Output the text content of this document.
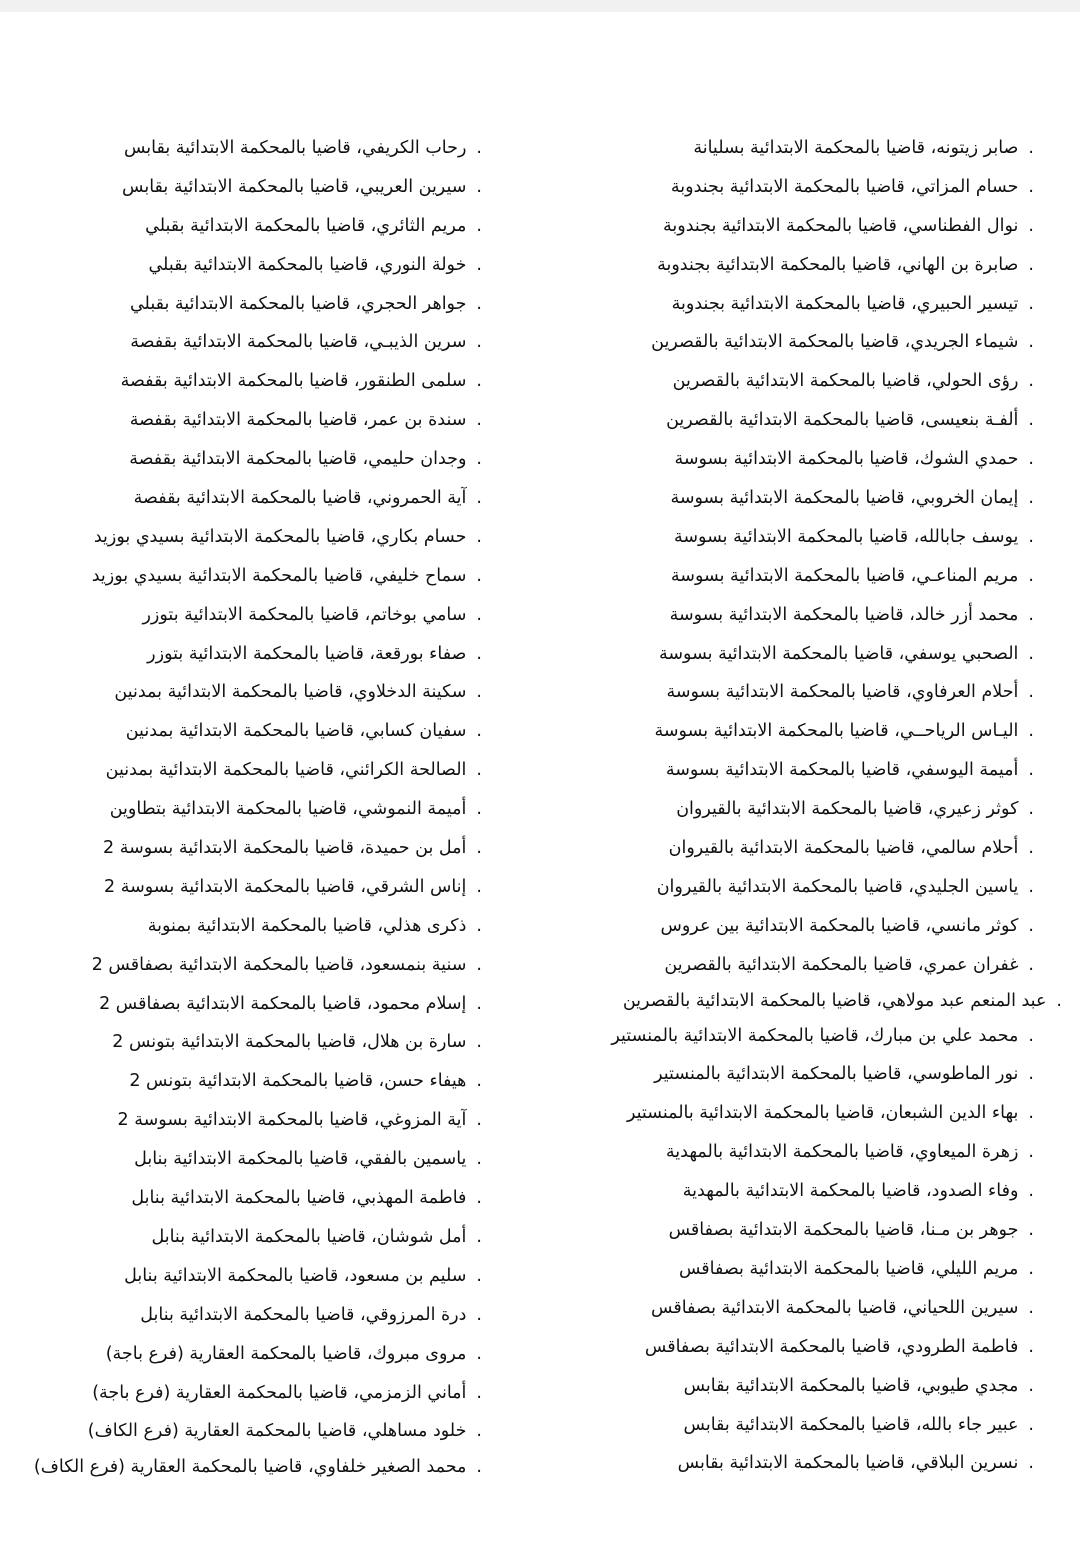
.صابر زيتونه، قاضيا بالمحكمة الابتدائية بسليانة
.حسام المزاتي، قاضيا بالمحكمة الابتدائية بجندوبة
.نوال الفطناسي، قاضيا بالمحكمة الابتدائية بجندوبة
.صابرة بن الهاني، قاضيا بالمحكمة الابتدائية بجندوبة
.تيسير الحبيري، قاضيا بالمحكمة الابتدائية بجندوبة
.شيماء الجريدي، قاضيا بالمحكمة الابتدائية بالقصرين
.رؤى الحولي، قاضيا بالمحكمة الابتدائية بالقصرين
.ألفـة بنعيسى، قاضيا بالمحكمة الابتدائية بالقصرين
.حمدي الشوك، قاضيا بالمحكمة الابتدائية بسوسة
.إيمان الخروبي، قاضيا بالمحكمة الابتدائية بسوسة
.يوسف جابالله، قاضيا بالمحكمة الابتدائية بسوسة
.مريم المناعـي، قاضيا بالمحكمة الابتدائية بسوسة
.محمد أزر خالد، قاضيا بالمحكمة الابتدائية بسوسة
.الصحبي يوسفي، قاضيا بالمحكمة الابتدائية بسوسة
.أحلام العرفاوي، قاضيا بالمحكمة الابتدائية بسوسة
.اليـاس الرياحــي، قاضيا بالمحكمة الابتدائية بسوسة
.أميمة اليوسفي، قاضيا بالمحكمة الابتدائية بسوسة
.كوثر زعيري، قاضيا بالمحكمة الابتدائية بالقيروان
.أحلام سالمي، قاضيا بالمحكمة الابتدائية بالقيروان
.ياسين الجليدي، قاضيا بالمحكمة الابتدائية بالقيروان
.كوثر مانسي، قاضيا بالمحكمة الابتدائية بين عروس
.غفران عمري، قاضيا بالمحكمة الابتدائية بالقصرين
.عبد المنعم عبد مولاهي، قاضيا بالمحكمة الابتدائية بالقصرين
.محمد علي بن مبارك، قاضيا بالمحكمة الابتدائية بالمنستير
.نور الماطوسي، قاضيا بالمحكمة الابتدائية بالمنستير
.بهاء الدين الشبعان، قاضيا بالمحكمة الابتدائية بالمنستير
.زهرة الميعاوي، قاضيا بالمحكمة الابتدائية بالمهدية
.وفاء الصدود، قاضيا بالمحكمة الابتدائية بالمهدية
.جوهر بن مـنا، قاضيا بالمحكمة الابتدائية بصفاقس
.مريم الليلي، قاضيا بالمحكمة الابتدائية بصفاقس
.سيرين اللحياني، قاضيا بالمحكمة الابتدائية بصفاقس
.فاطمة الطرودي، قاضيا بالمحكمة الابتدائية بصفاقس
.مجدي طيوبي، قاضيا بالمحكمة الابتدائية بقابس
.عبير جاء بالله، قاضيا بالمحكمة الابتدائية بقابس
.نسرين البلاقي، قاضيا بالمحكمة الابتدائية بقابس
.رحاب الكريفي، قاضيا بالمحكمة الابتدائية بقابس
.سيرين العريبي، قاضيا بالمحكمة الابتدائية بقابس
.مريم الثائري، قاضيا بالمحكمة الابتدائية بقبلي
.خولة النوري، قاضيا بالمحكمة الابتدائية بقبلي
.جواهر الحجري، قاضيا بالمحكمة الابتدائية بقبلي
.سرين الذيبـي، قاضيا بالمحكمة الابتدائية بقفصة
.سلمى الطنقور، قاضيا بالمحكمة الابتدائية بقفصة
.سندة بن عمر، قاضيا بالمحكمة الابتدائية بقفصة
.وجدان حليمي، قاضيا بالمحكمة الابتدائية بقفصة
.آية الحمروني، قاضيا بالمحكمة الابتدائية بقفصة
.حسام بكاري، قاضيا بالمحكمة الابتدائية بسيدي بوزيد
.سماح خليفي، قاضيا بالمحكمة الابتدائية بسيدي بوزيد
.سامي بوخاتم، قاضيا بالمحكمة الابتدائية بتوزر
.صفاء بورقعة، قاضيا بالمحكمة الابتدائية بتوزر
.سكينة الدخلاوي، قاضيا بالمحكمة الابتدائية بمدنين
.سفيان كسابي، قاضيا بالمحكمة الابتدائية بمدنين
.الصالحة الكرائني، قاضيا بالمحكمة الابتدائية بمدنين
.أميمة النموشي، قاضيا بالمحكمة الابتدائية بتطاوين
.أمل بن حميدة، قاضيا بالمحكمة الابتدائية بسوسة 2
.إناس الشرقي، قاضيا بالمحكمة الابتدائية بسوسة 2
.ذكرى هذلي، قاضيا بالمحكمة الابتدائية بمنوبة
.سنية بنمسعود، قاضيا بالمحكمة الابتدائية بصفاقس 2
.إسلام محمود، قاضيا بالمحكمة الابتدائية بصفاقس 2
.سارة بن هلال، قاضيا بالمحكمة الابتدائية بتونس 2
.هيفاء حسن، قاضيا بالمحكمة الابتدائية بتونس 2
.آية المزوغي، قاضيا بالمحكمة الابتدائية بسوسة 2
.ياسمين بالفقي، قاضيا بالمحكمة الابتدائية بنابل
.فاطمة المهذبي، قاضيا بالمحكمة الابتدائية بنابل
.أمل شوشان، قاضيا بالمحكمة الابتدائية بنابل
.سليم بن مسعود، قاضيا بالمحكمة الابتدائية بنابل
.درة المرزوقي، قاضيا بالمحكمة الابتدائية بنابل
.مروى مبروك، قاضيا بالمحكمة العقارية (فرع باجة)
.أماني الزمزمي، قاضيا بالمحكمة العقارية (فرع باجة)
.خلود مساهلي، قاضيا بالمحكمة العقارية (فرع الكاف)
.محمد الصغير خلفاوي، قاضيا بالمحكمة العقارية (فرع الكاف)
